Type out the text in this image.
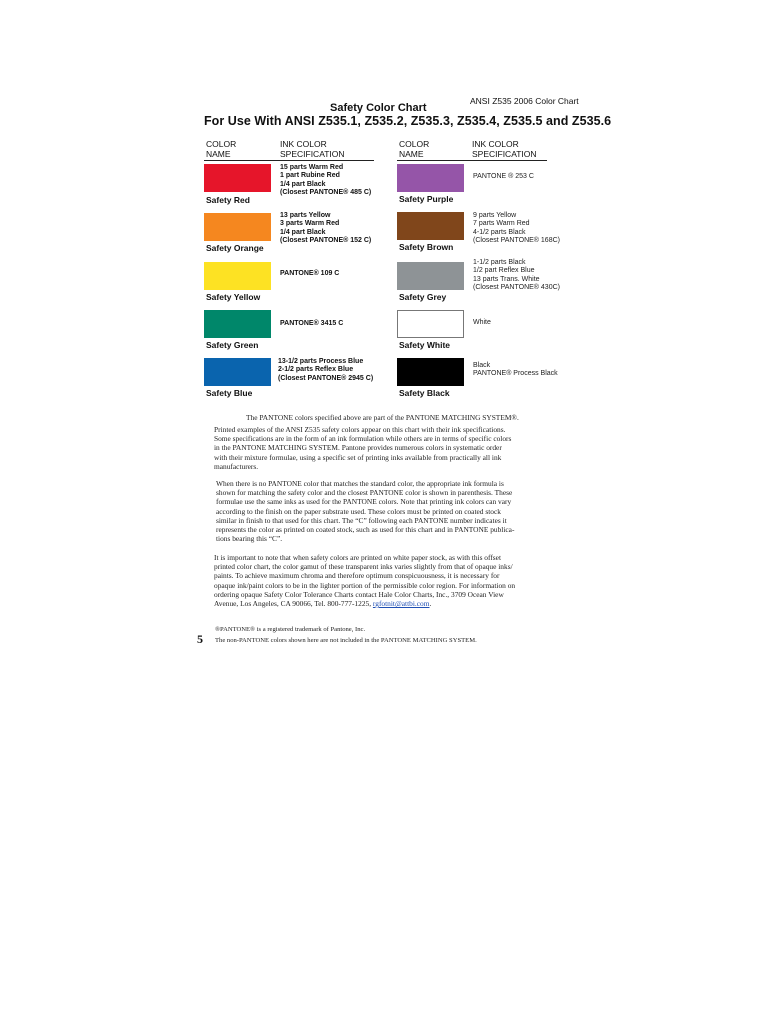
ANSI Z535 2006 Color Chart
Safety Color Chart
For Use With ANSI Z535.1, Z535.2, Z535.3, Z535.4, Z535.5 and Z535.6
COLOR
NAME
INK COLOR
SPECIFICATION
COLOR
NAME
INK COLOR
SPECIFICATION
Safety Red
15 parts Warm Red
1 part Rubine Red
1/4 part Black
(Closest PANTONE® 485 C)
Safety Orange
13 parts Yellow
3 parts Warm Red
1/4 part Black
(Closest PANTONE® 152 C)
Safety Yellow
PANTONE® 109 C
Safety Green
PANTONE® 3415 C
Safety Blue
13-1/2 parts Process Blue
2-1/2 parts Reflex Blue
(Closest PANTONE® 2945 C)
Safety Purple
PANTONE ® 253 C
Safety Brown
9 parts Yellow
7 parts Warm Red
4-1/2 parts Black
(Closest PANTONE® 168C)
Safety Grey
1-1/2 parts Black
1/2 part Reflex Blue
13 parts Trans. White
(Closest PANTONE® 430C)
Safety White
White
Safety Black
Black
PANTONE® Process Black
The PANTONE colors specified above are part of the PANTONE MATCHING SYSTEM®.
Printed examples of the ANSI Z535 safety colors appear on this chart with their ink specifications.
Some specifications are in the form of an ink formulation while others are in terms of specific colors
in the PANTONE MATCHING SYSTEM. Pantone provides numerous colors in systematic order
with their mixture formulae, using a specific set of printing inks available from practically all ink
manufacturers.
When there is no PANTONE color that matches the standard color, the appropriate ink formula is
shown for matching the safety color and the closest PANTONE color is shown in parenthesis. These
formulae use the same inks as used for the PANTONE colors. Note that printing ink colors can vary
according to the finish on the paper substrate used. These colors must be printed on coated stock
similar in finish to that used for this chart. The “C” following each PANTONE number indicates it
represents the color as printed on coated stock, such as used for this chart and in PANTONE publica-
tions bearing this “C”.
It is important to note that when safety colors are printed on white paper stock, as with this offset
printed color chart, the color gamut of these transparent inks varies slightly from that of opaque inks/
paints. To achieve maximum chroma and therefore optimum conspicuousness, it is necessary for
opaque ink/paint colors to be in the lighter portion of the permissible color region. For information on
ordering opaque Safety Color Tolerance Charts contact Hale Color Charts, Inc., 3709 Ocean View
Avenue, Los Angeles, CA 90066, Tel. 800-777-1225, rgfotnit@attbi.com.
®PANTONE® is a registered trademark of Pantone, Inc.
The non-PANTONE colors shown here are not included in the PANTONE MATCHING SYSTEM.
5
